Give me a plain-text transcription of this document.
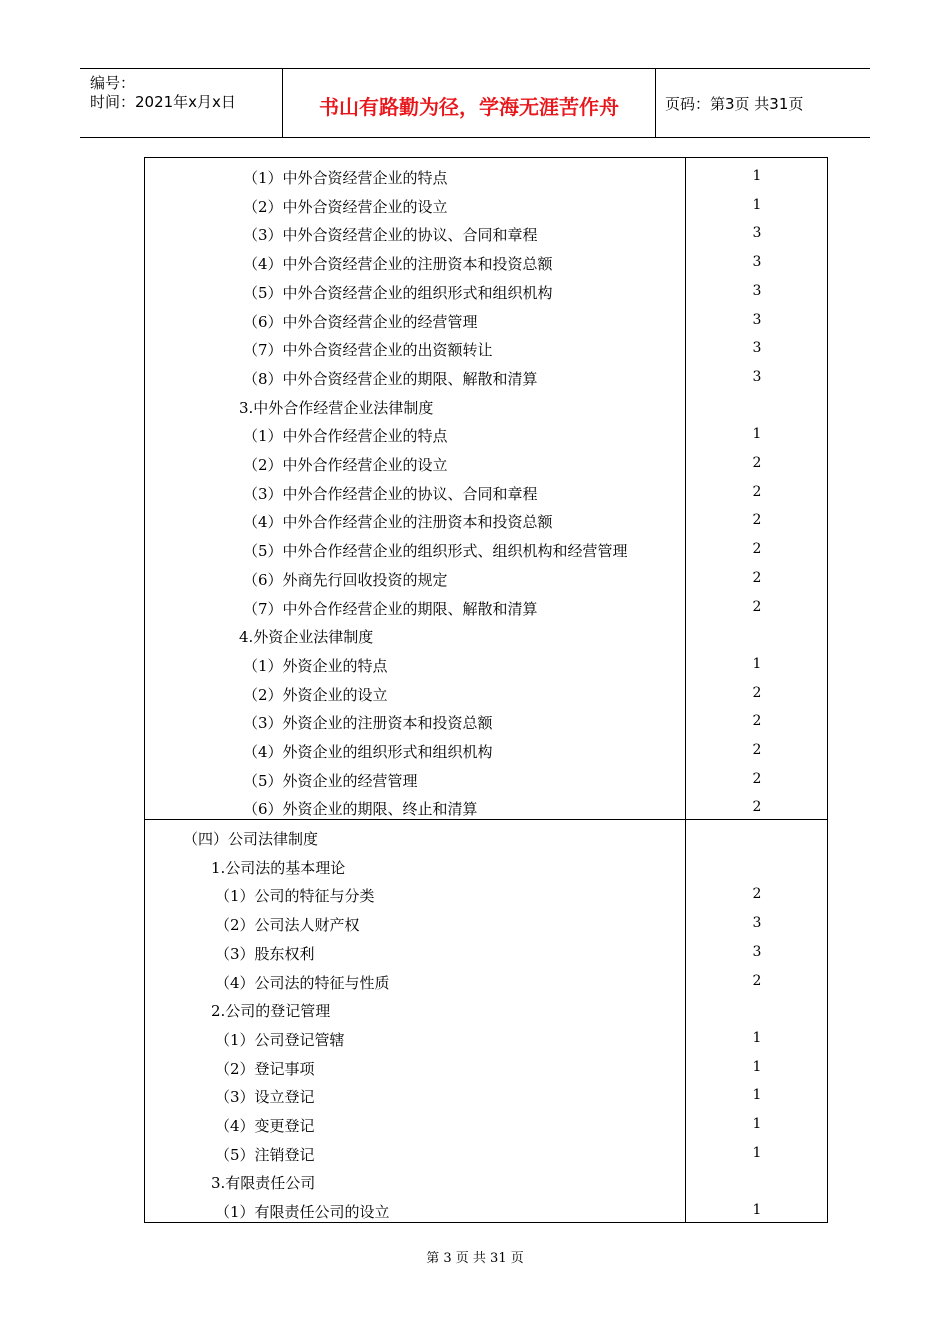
编号：
时间：2021年x月x日	书山有路勤为径，学海无涯苦作舟	页码：第3页 共31页
（1）中外合资经营企业的特点	1
（2）中外合资经营企业的设立	1
（3）中外合资经营企业的协议、合同和章程	3
（4）中外合资经营企业的注册资本和投资总额	3
（5）中外合资经营企业的组织形式和组织机构	3
（6）中外合资经营企业的经营管理	3
（7）中外合资经营企业的出资额转让	3
（8）中外合资经营企业的期限、解散和清算	3
3.中外合作经营企业法律制度
（1）中外合作经营企业的特点	1
（2）中外合作经营企业的设立	2
（3）中外合作经营企业的协议、合同和章程	2
（4）中外合作经营企业的注册资本和投资总额	2
（5）中外合作经营企业的组织形式、组织机构和经营管理	2
（6）外商先行回收投资的规定	2
（7）中外合作经营企业的期限、解散和清算	2
4.外资企业法律制度
（1）外资企业的特点	1
（2）外资企业的设立	2
（3）外资企业的注册资本和投资总额	2
（4）外资企业的组织形式和组织机构	2
（5）外资企业的经营管理	2
（6）外资企业的期限、终止和清算	2
（四）公司法律制度
1.公司法的基本理论
（1）公司的特征与分类	2
（2）公司法人财产权	3
（3）股东权利	3
（4）公司法的特征与性质	2
2.公司的登记管理
（1）公司登记管辖	1
（2）登记事项	1
（3）设立登记	1
（4）变更登记	1
（5）注销登记	1
3.有限责任公司
（1）有限责任公司的设立	1
第 3 页 共 31 页
